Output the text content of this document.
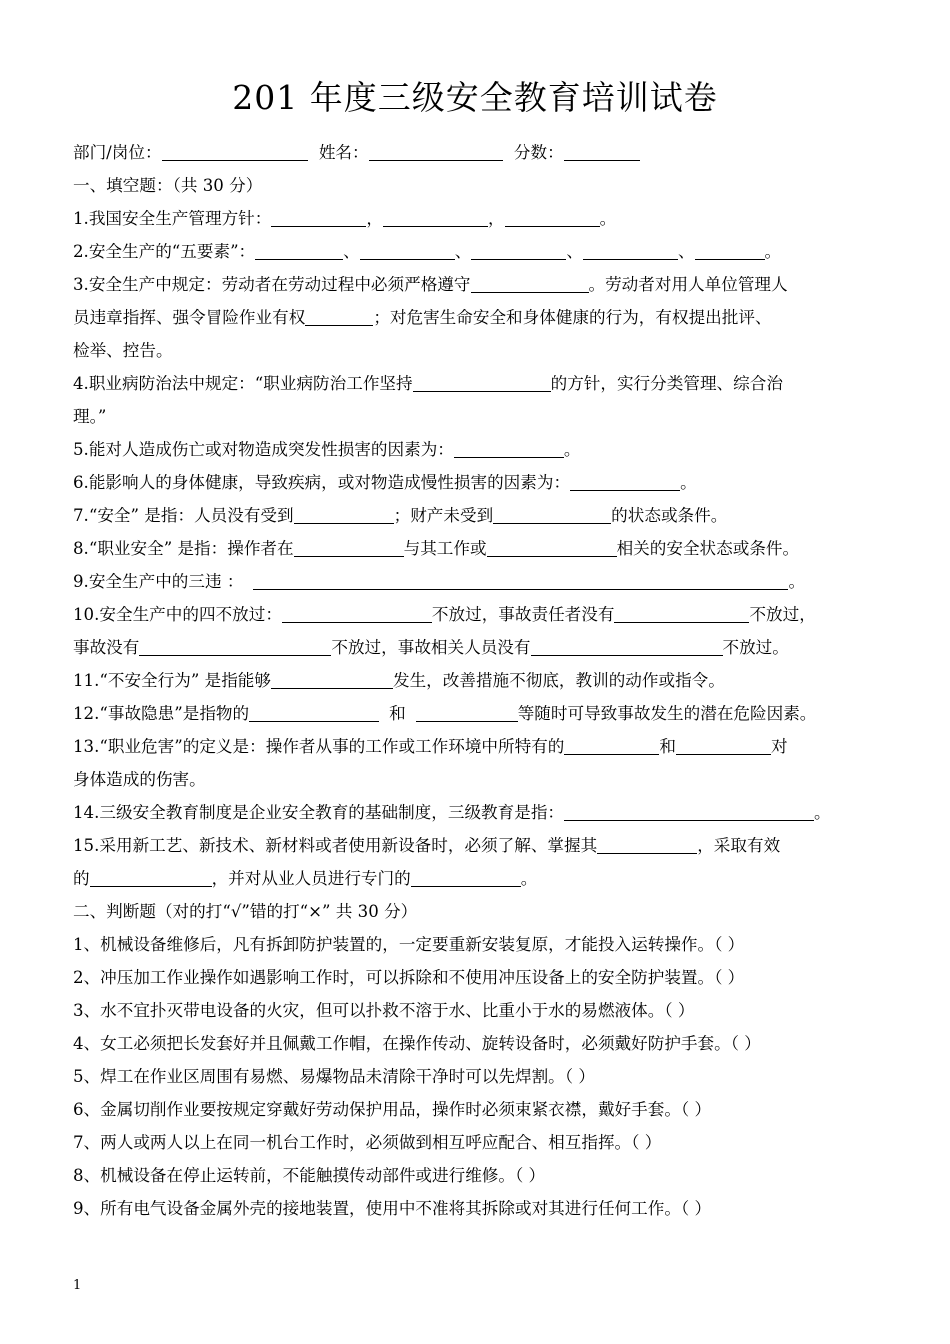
201 年度三级安全教育培训试卷
部门/岗位：	姓名：	分数：
一、填空题：（共 30 分）
1.我国安全生产管理方针：	，	，	。
2.安全生产的“五要素”：	、	、	、	、	。
3.安全生产中规定：劳动者在劳动过程中必须严格遵守	。劳动者对用人单位管理人
员违章指挥、强令冒险作业有权	；对危害生命安全和身体健康的行为，有权提出批评、
检举、控告。
4.职业病防治法中规定：“职业病防治工作坚持	的方针，实行分类管理、综合治
理。”
5.能对人造成伤亡或对物造成突发性损害的因素为：	。
6.能影响人的身体健康，导致疾病，或对物造成慢性损害的因素为：	。
7.“安全” 是指：人员没有受到	；财产未受到	的状态或条件。
8.“职业安全” 是指：操作者在	与其工作或	相关的安全状态或条件。
9.安全生产中的三违 ：	。
10.安全生产中的四不放过：	不放过，事故责任者没有	不放过，
事故没有	不放过，事故相关人员没有	不放过。
11.“不安全行为” 是指能够	发生，改善措施不彻底，教训的动作或指令。
12.“事故隐患”是指物的	和	等随时可导致事故发生的潜在危险因素。
13.“职业危害”的定义是：操作者从事的工作或工作环境中所特有的	和	对
身体造成的伤害。
14.三级安全教育制度是企业安全教育的基础制度，三级教育是指：	。
15.采用新工艺、新技术、新材料或者使用新设备时，必须了解、掌握其	，采取有效
的	，并对从业人员进行专门的	。
二、判断题（对的打“√”错的打“×” 共 30 分）
1、机械设备维修后，凡有拆卸防护装置的，一定要重新安装复原，才能投入运转操作。（ ）
2、冲压加工作业操作如遇影响工作时，可以拆除和不使用冲压设备上的安全防护装置。（ ）
3、水不宜扑灭带电设备的火灾，但可以扑救不溶于水、比重小于水的易燃液体。（ ）
4、女工必须把长发套好并且佩戴工作帽，在操作传动、旋转设备时，必须戴好防护手套。（ ）
5、焊工在作业区周围有易燃、易爆物品未清除干净时可以先焊割。（ ）
6、金属切削作业要按规定穿戴好劳动保护用品，操作时必须束紧衣襟，戴好手套。（ ）
7、两人或两人以上在同一机台工作时，必须做到相互呼应配合、相互指挥。（ ）
8、机械设备在停止运转前，不能触摸传动部件或进行维修。（ ）
9、所有电气设备金属外壳的接地装置，使用中不准将其拆除或对其进行任何工作。（ ）
1
